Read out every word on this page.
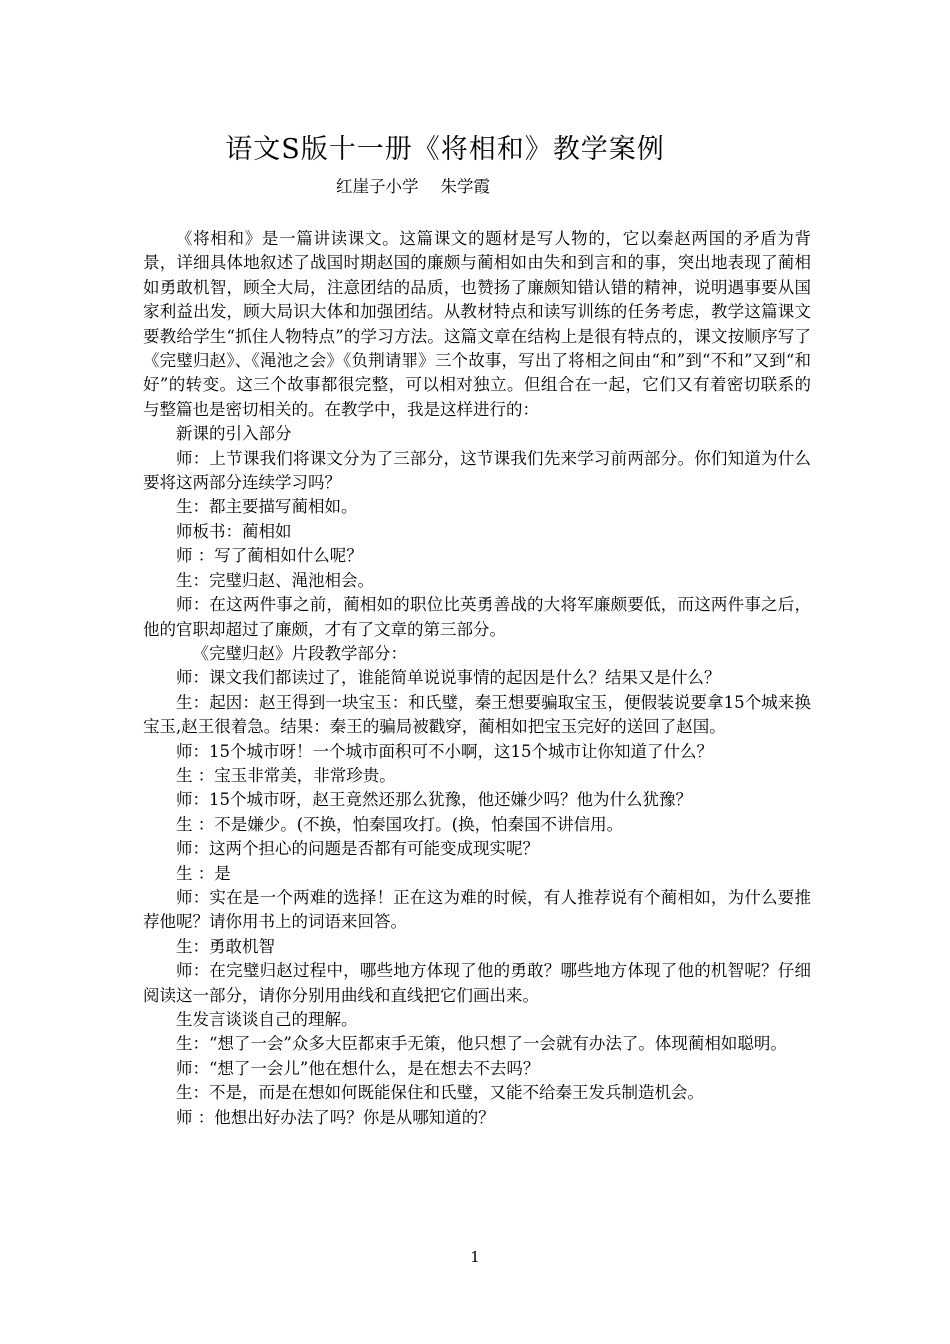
语文S版十一册《将相和》教学案例
红崖子小学 朱学霞

《将相和》是一篇讲读课文。这篇课文的题材是写人物的，它以秦赵两国的矛盾为背景，详细具体地叙述了战国时期赵国的廉颇与蔺相如由失和到言和的事，突出地表现了蔺相如勇敢机智，顾全大局，注意团结的品质，也赞扬了廉颇知错认错的精神，说明遇事要从国家利益出发，顾大局识大体和加强团结。从教材特点和读写训练的任务考虑，教学这篇课文要教给学生“抓住人物特点”的学习方法。这篇文章在结构上是很有特点的，课文按顺序写了《完璧归赵》、《渑池之会》《负荆请罪》三个故事，写出了将相之间由“和”到“不和”又到“和好”的转变。这三个故事都很完整，可以相对独立。但组合在一起，它们又有着密切联系的与整篇也是密切相关的。在教学中，我是这样进行的：

新课的引入部分

师：上节课我们将课文分为了三部分，这节课我们先来学习前两部分。你们知道为什么要将这两部分连续学习吗？

生：都主要描写蔺相如。

师板书：蔺相如

师 ：写了蔺相如什么呢？

生：完璧归赵、渑池相会。

师：在这两件事之前，蔺相如的职位比英勇善战的大将军廉颇要低，而这两件事之后，他的官职却超过了廉颇，才有了文章的第三部分。

《完璧归赵》片段教学部分：

师：课文我们都读过了，谁能简单说说事情的起因是什么？结果又是什么？

生：起因：赵王得到一块宝玉：和氏璧，秦王想要骗取宝玉，便假装说要拿15个城来换宝玉,赵王很着急。结果：秦王的骗局被戳穿，蔺相如把宝玉完好的送回了赵国。

师：15个城市呀！一个城市面积可不小啊，这15个城市让你知道了什么？

生 ：宝玉非常美，非常珍贵。

师：15个城市呀，赵王竟然还那么犹豫，他还嫌少吗？他为什么犹豫？

生 ：不是嫌少。(不换，怕秦国攻打。(换，怕秦国不讲信用。

师：这两个担心的问题是否都有可能变成现实呢？

生 ：是

师：实在是一个两难的选择！正在这为难的时候，有人推荐说有个蔺相如，为什么要推荐他呢？请你用书上的词语来回答。

生：勇敢机智

师：在完璧归赵过程中，哪些地方体现了他的勇敢？哪些地方体现了他的机智呢？仔细阅读这一部分，请你分别用曲线和直线把它们画出来。

生发言谈谈自己的理解。

生：“想了一会”众多大臣都束手无策，他只想了一会就有办法了。体现蔺相如聪明。

师：“想了一会儿”他在想什么，是在想去不去吗？

生：不是，而是在想如何既能保住和氏璧，又能不给秦王发兵制造机会。

师 ：他想出好办法了吗？你是从哪知道的？

1
